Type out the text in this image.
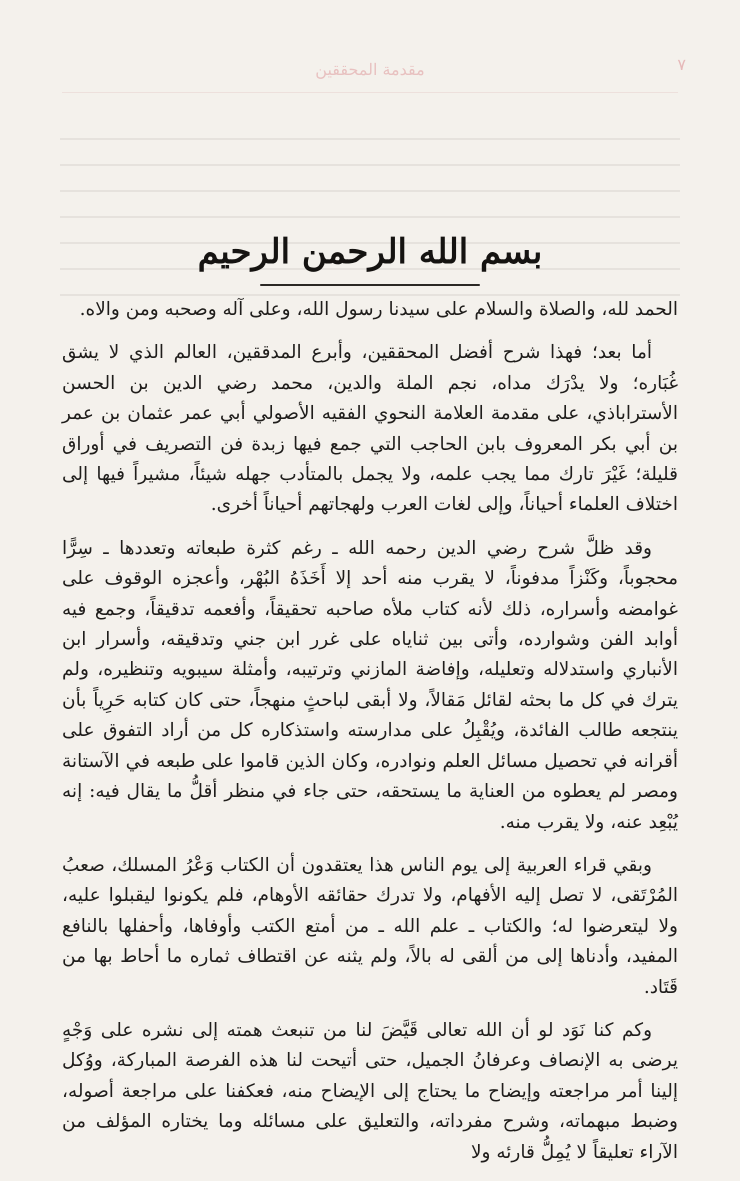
مقدمة المحققين	٧
بسم الله الرحمن الرحيم

الحمد لله، والصلاة والسلام على سيدنا رسول الله، وعلى آله وصحبه ومن والاه.

أما بعد؛ فهذا شرح أفضل المحققين، وأبرع المدققين، العالم الذي لا يشق غُبَاره؛ ولا يدْرَك مداه، نجم الملة والدين، محمد رضي الدين بن الحسن الأستراباذي، على مقدمة العلامة النحوي الفقيه الأصولي أبي عمر عثمان بن عمر بن أبي بكر المعروف بابن الحاجب التي جمع فيها زبدة فن التصريف في أوراق قليلة؛ غَيْرَ تارك مما يجب علمه، ولا يجمل بالمتأدب جهله شيئاً، مشيراً فيها إلى اختلاف العلماء أحياناً، وإلى لغات العرب ولهجاتهم أحياناً أخرى.

وقد ظلَّ شرح رضي الدين رحمه الله ـ رغم كثرة طبعاته وتعددها ـ سِرًّا محجوباً، وكَنْزاً مدفوناً، لا يقرب منه أحد إلا أَخَذَهُ البُهْر، وأعجزه الوقوف على غوامضه وأسراره، ذلك لأنه كتاب ملأه صاحبه تحقيقاً، وأفعمه تدقيقاً، وجمع فيه أوابد الفن وشوارده، وأتى بين ثناياه على غرر ابن جني وتدقيقه، وأسرار ابن الأنباري واستدلاله وتعليله، وإفاضة المازني وترتيبه، وأمثلة سيبويه وتنظيره، ولم يترك في كل ما بحثه لقائل مَقالاً، ولا أبقى لباحثٍ منهجاً، حتى كان كتابه حَرِياً بأن ينتجعه طالب الفائدة، ويُقْبِلُ على مدارسته واستذكاره كل من أراد التفوق على أقرانه في تحصيل مسائل العلم ونوادره، وكان الذين قاموا على طبعه في الآستانة ومصر لم يعطوه من العناية ما يستحقه، حتى جاء في منظر أقلُّ ما يقال فيه: إنه يُبْعِد عنه، ولا يقرب منه.

وبقي قراء العربية إلى يوم الناس هذا يعتقدون أن الكتاب وَعْرُ المسلك، صعبُ المُرْتَقى، لا تصل إليه الأفهام، ولا تدرك حقائقه الأوهام، فلم يكونوا ليقبلوا عليه، ولا ليتعرضوا له؛ والكتاب ـ علم الله ـ من أمتع الكتب وأوفاها، وأحفلها بالنافع المفيد، وأدناها إلى من ألقى له بالاً، ولم يثنه عن اقتطاف ثماره ما أحاط بها من قَتَاد.

وكم كنا نَوَد لو أن الله تعالى قَيَّضَ لنا من تنبعث همته إلى نشره على وَجْهٍ يرضى به الإنصاف وعرفانُ الجميل، حتى أتيحت لنا هذه الفرصة المباركة، ووُكل إلينا أمر مراجعته وإيضاح ما يحتاج إلى الإيضاح منه، فعكفنا على مراجعة أصوله، وضبط مبهماته، وشرح مفرداته، والتعليق على مسائله وما يختاره المؤلف من الآراء تعليقاً لا يُمِلُّ قارئه ولا
